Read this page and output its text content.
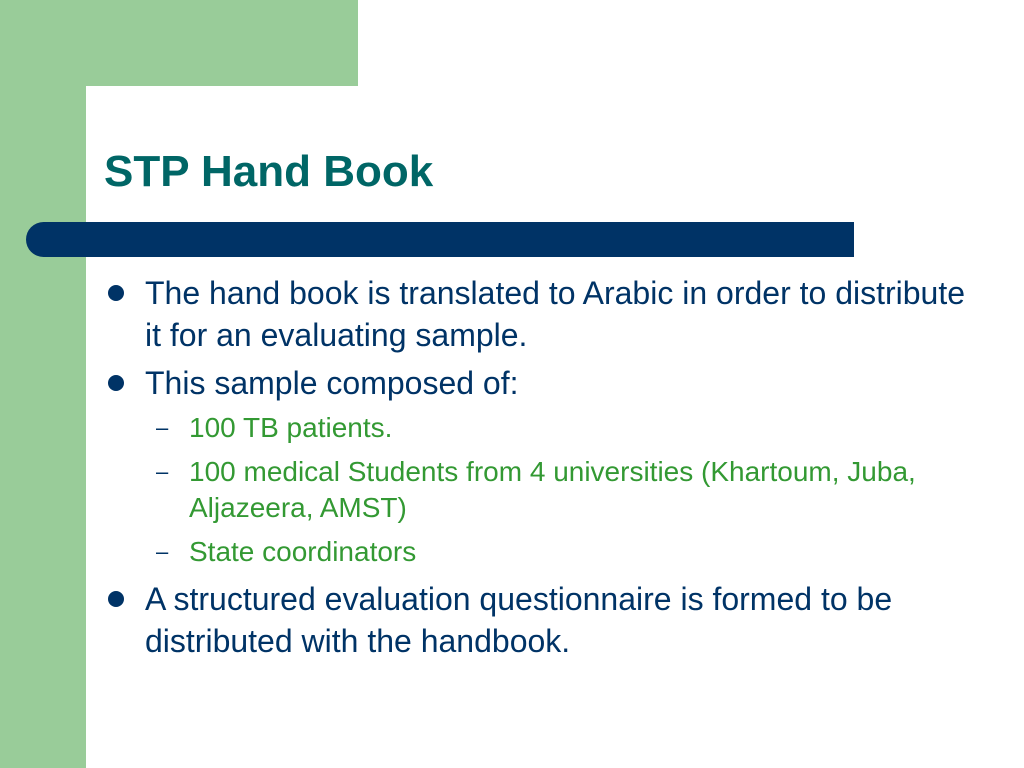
STP Hand Book
The hand book is translated to Arabic in order to distribute it for an evaluating sample.
This sample composed of:
– 100 TB patients.
– 100 medical Students from 4 universities (Khartoum, Juba, Aljazeera, AMST)
– State coordinators
A structured evaluation questionnaire is formed to be distributed with the handbook.
